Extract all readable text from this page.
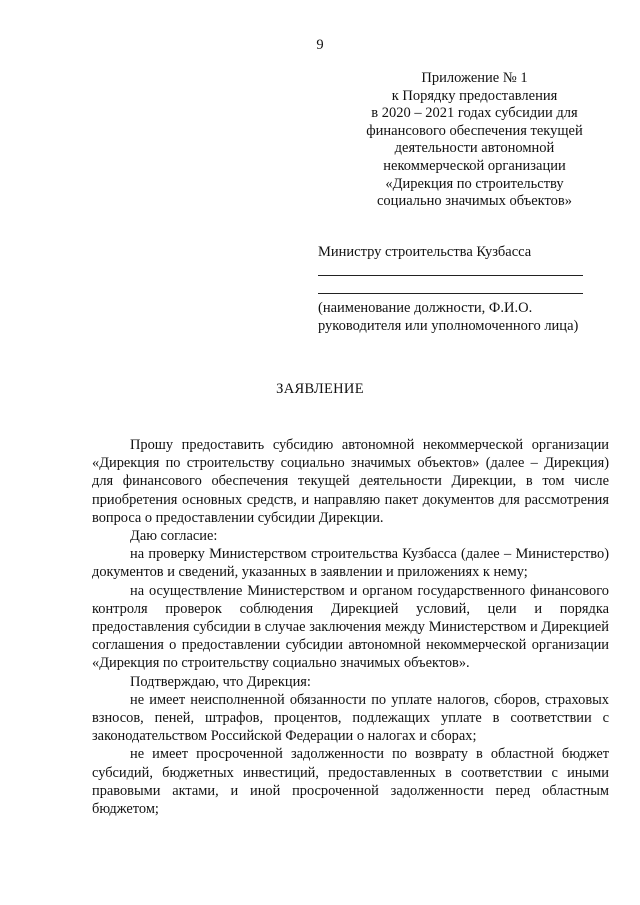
9
Приложение № 1
к Порядку предоставления
в 2020 – 2021 годах субсидии для
финансового обеспечения текущей
деятельности автономной
некоммерческой организации
«Дирекция по строительству
социально значимых объектов»
Министру строительства Кузбасса
(наименование должности, Ф.И.О.
руководителя или уполномоченного лица)
ЗАЯВЛЕНИЕ

Прошу предоставить субсидию автономной некоммерческой организации «Дирекция по строительству социально значимых объектов» (далее – Дирекция) для финансового обеспечения текущей деятельности Дирекции, в том числе приобретения основных средств, и направляю пакет документов для рассмотрения вопроса о предоставлении субсидии Дирекции.

Даю согласие:

на проверку Министерством строительства Кузбасса (далее – Министерство) документов и сведений, указанных в заявлении и приложениях к нему;

на осуществление Министерством и органом государственного финансового контроля проверок соблюдения Дирекцией условий, цели и порядка предоставления субсидии в случае заключения между Министерством и Дирекцией соглашения о предоставлении субсидии автономной некоммерческой организации «Дирекция по строительству социально значимых объектов».

Подтверждаю, что Дирекция:

не имеет неисполненной обязанности по уплате налогов, сборов, страховых взносов, пеней, штрафов, процентов, подлежащих уплате в соответствии с законодательством Российской Федерации о налогах и сборах;

не имеет просроченной задолженности по возврату в областной бюджет субсидий, бюджетных инвестиций, предоставленных в соответствии с иными правовыми актами, и иной просроченной задолженности перед областным бюджетом;
